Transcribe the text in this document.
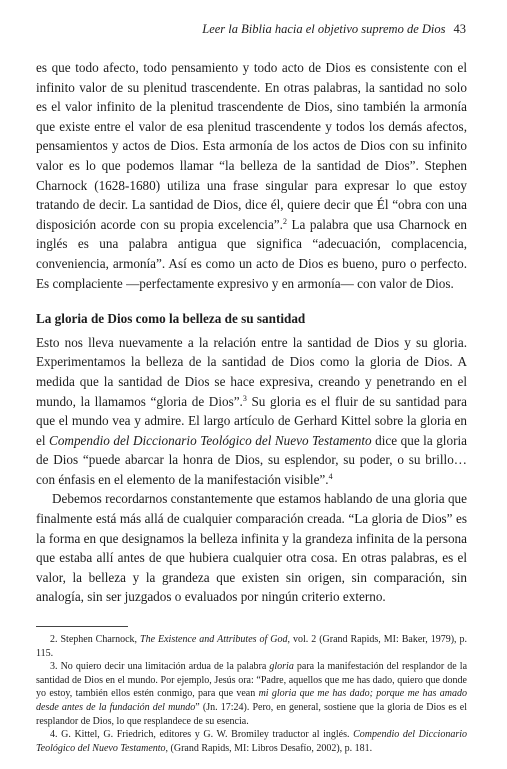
Leer la Biblia hacia el objetivo supremo de Dios 43

es que todo afecto, todo pensamiento y todo acto de Dios es consistente con el infinito valor de su plenitud trascendente. En otras palabras, la santidad no solo es el valor infinito de la plenitud trascendente de Dios, sino también la armonía que existe entre el valor de esa plenitud trascendente y todos los demás afectos, pensamientos y actos de Dios. Esta armonía de los actos de Dios con su infinito valor es lo que podemos llamar “la belleza de la santidad de Dios”. Stephen Charnock (1628-1680) utiliza una frase singular para expresar lo que estoy tratando de decir. La santidad de Dios, dice él, quiere decir que Él “obra con una disposición acorde con su propia excelencia”.$^2$ La palabra que usa Charnock en inglés es una palabra antigua que significa “adecuación, complacencia, conveniencia, armonía”. Así es como un acto de Dios es bueno, puro o perfecto. Es complaciente —perfectamente expresivo y en armonía— con valor de Dios.

La gloria de Dios como la belleza de su santidad

Esto nos lleva nuevamente a la relación entre la santidad de Dios y su gloria. Experimentamos la belleza de la santidad de Dios como la gloria de Dios. A medida que la santidad de Dios se hace expresiva, creando y penetrando en el mundo, la llamamos “gloria de Dios”.$^3$ Su gloria es el fluir de su santidad para que el mundo vea y admire. El largo artículo de Gerhard Kittel sobre la gloria en el Compendio del Diccionario Teológico del Nuevo Testamento dice que la gloria de Dios “puede abarcar la honra de Dios, su esplendor, su poder, o su brillo… con énfasis en el elemento de la manifestación visible”.$^4$

Debemos recordarnos constantemente que estamos hablando de una gloria que finalmente está más allá de cualquier comparación creada. “La gloria de Dios” es la forma en que designamos la belleza infinita y la grandeza infinita de la persona que estaba allí antes de que hubiera cualquier otra cosa. En otras palabras, es el valor, la belleza y la grandeza que existen sin origen, sin comparación, sin analogía, sin ser juzgados o evaluados por ningún criterio externo.

2. Stephen Charnock, The Existence and Attributes of God, vol. 2 (Grand Rapids, MI: Baker, 1979), p. 115.

3. No quiero decir una limitación ardua de la palabra gloria para la manifestación del resplandor de la santidad de Dios en el mundo. Por ejemplo, Jesús ora: “Padre, aquellos que me has dado, quiero que donde yo estoy, también ellos estén conmigo, para que vean mi gloria que me has dado; porque me has amado desde antes de la fundación del mundo” (Jn. 17:24). Pero, en general, sostiene que la gloria de Dios es el resplandor de Dios, lo que resplandece de su esencia.

4. G. Kittel, G. Friedrich, editores y G. W. Bromiley traductor al inglés. Compendio del Diccionario Teológico del Nuevo Testamento, (Grand Rapids, MI: Libros Desafío, 2002), p. 181.
